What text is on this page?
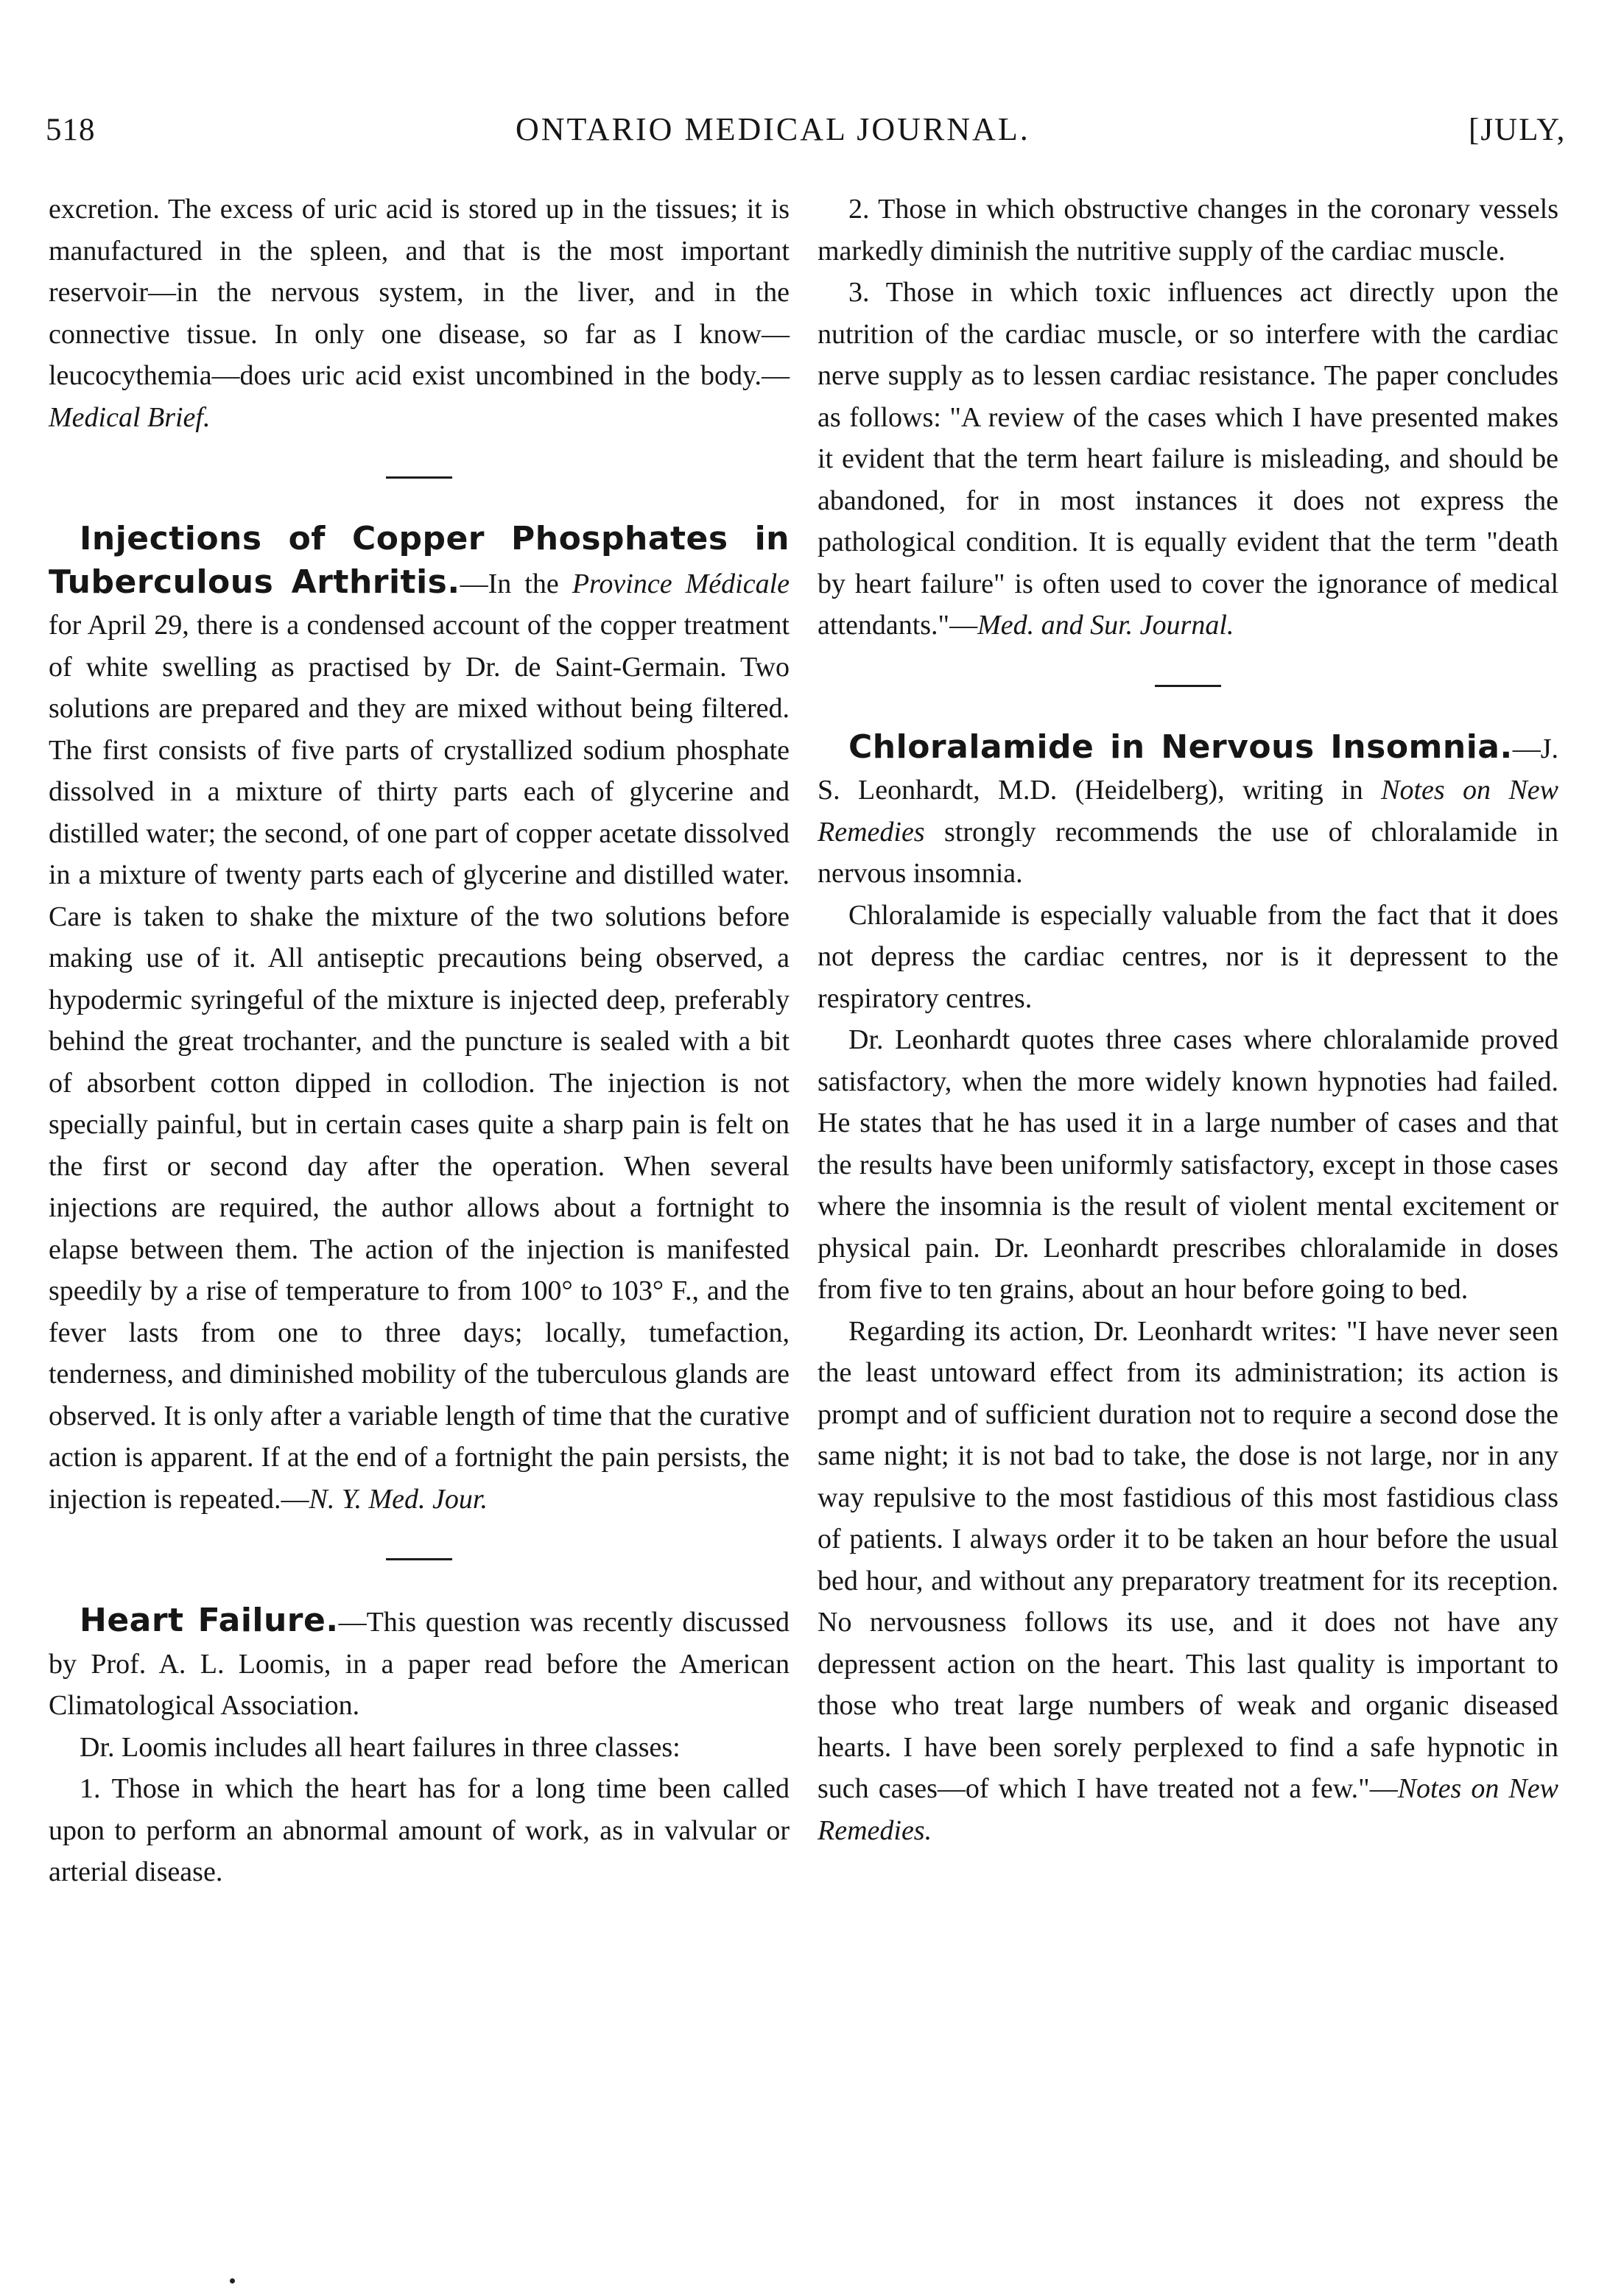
518	ONTARIO MEDICAL JOURNAL.	[JULY,

excretion. The excess of uric acid is stored up in the tissues; it is manufactured in the spleen, and that is the most important reservoir—in the nervous system, in the liver, and in the connective tissue. In only one disease, so far as I know—leucocythemia—does uric acid exist uncombined in the body.—Medical Brief.

Injections of Copper Phosphates in Tuberculous Arthritis.—In the Province Médicale for April 29, there is a condensed account of the copper treatment of white swelling as practised by Dr. de Saint-Germain. Two solutions are prepared and they are mixed without being filtered. The first consists of five parts of crystallized sodium phosphate dissolved in a mixture of thirty parts each of glycerine and distilled water; the second, of one part of copper acetate dissolved in a mixture of twenty parts each of glycerine and distilled water. Care is taken to shake the mixture of the two solutions before making use of it. All antiseptic precautions being observed, a hypodermic syringeful of the mixture is injected deep, preferably behind the great trochanter, and the puncture is sealed with a bit of absorbent cotton dipped in collodion. The injection is not specially painful, but in certain cases quite a sharp pain is felt on the first or second day after the operation. When several injections are required, the author allows about a fortnight to elapse between them. The action of the injection is manifested speedily by a rise of temperature to from 100° to 103° F., and the fever lasts from one to three days; locally, tumefaction, tenderness, and diminished mobility of the tuberculous glands are observed. It is only after a variable length of time that the curative action is apparent. If at the end of a fortnight the pain persists, the injection is repeated.—N. Y. Med. Jour.

Heart Failure.—This question was recently discussed by Prof. A. L. Loomis, in a paper read before the American Climatological Association.

Dr. Loomis includes all heart failures in three classes:

1. Those in which the heart has for a long time been called upon to perform an abnormal amount of work, as in valvular or arterial disease.

2. Those in which obstructive changes in the coronary vessels markedly diminish the nutritive supply of the cardiac muscle.

3. Those in which toxic influences act directly upon the nutrition of the cardiac muscle, or so interfere with the cardiac nerve supply as to lessen cardiac resistance. The paper concludes as follows: "A review of the cases which I have presented makes it evident that the term heart failure is misleading, and should be abandoned, for in most instances it does not express the pathological condition. It is equally evident that the term "death by heart failure" is often used to cover the ignorance of medical attendants."—Med. and Sur. Journal.

Chloralamide in Nervous Insomnia.—J. S. Leonhardt, M.D. (Heidelberg), writing in Notes on New Remedies strongly recommends the use of chloralamide in nervous insomnia.

Chloralamide is especially valuable from the fact that it does not depress the cardiac centres, nor is it depressent to the respiratory centres.

Dr. Leonhardt quotes three cases where chloralamide proved satisfactory, when the more widely known hypnoties had failed. He states that he has used it in a large number of cases and that the results have been uniformly satisfactory, except in those cases where the insomnia is the result of violent mental excitement or physical pain. Dr. Leonhardt prescribes chloralamide in doses from five to ten grains, about an hour before going to bed.

Regarding its action, Dr. Leonhardt writes: "I have never seen the least untoward effect from its administration; its action is prompt and of sufficient duration not to require a second dose the same night; it is not bad to take, the dose is not large, nor in any way repulsive to the most fastidious of this most fastidious class of patients. I always order it to be taken an hour before the usual bed hour, and without any preparatory treatment for its reception. No nervousness follows its use, and it does not have any depressent action on the heart. This last quality is important to those who treat large numbers of weak and organic diseased hearts. I have been sorely perplexed to find a safe hypnotic in such cases—of which I have treated not a few."—Notes on New Remedies.
